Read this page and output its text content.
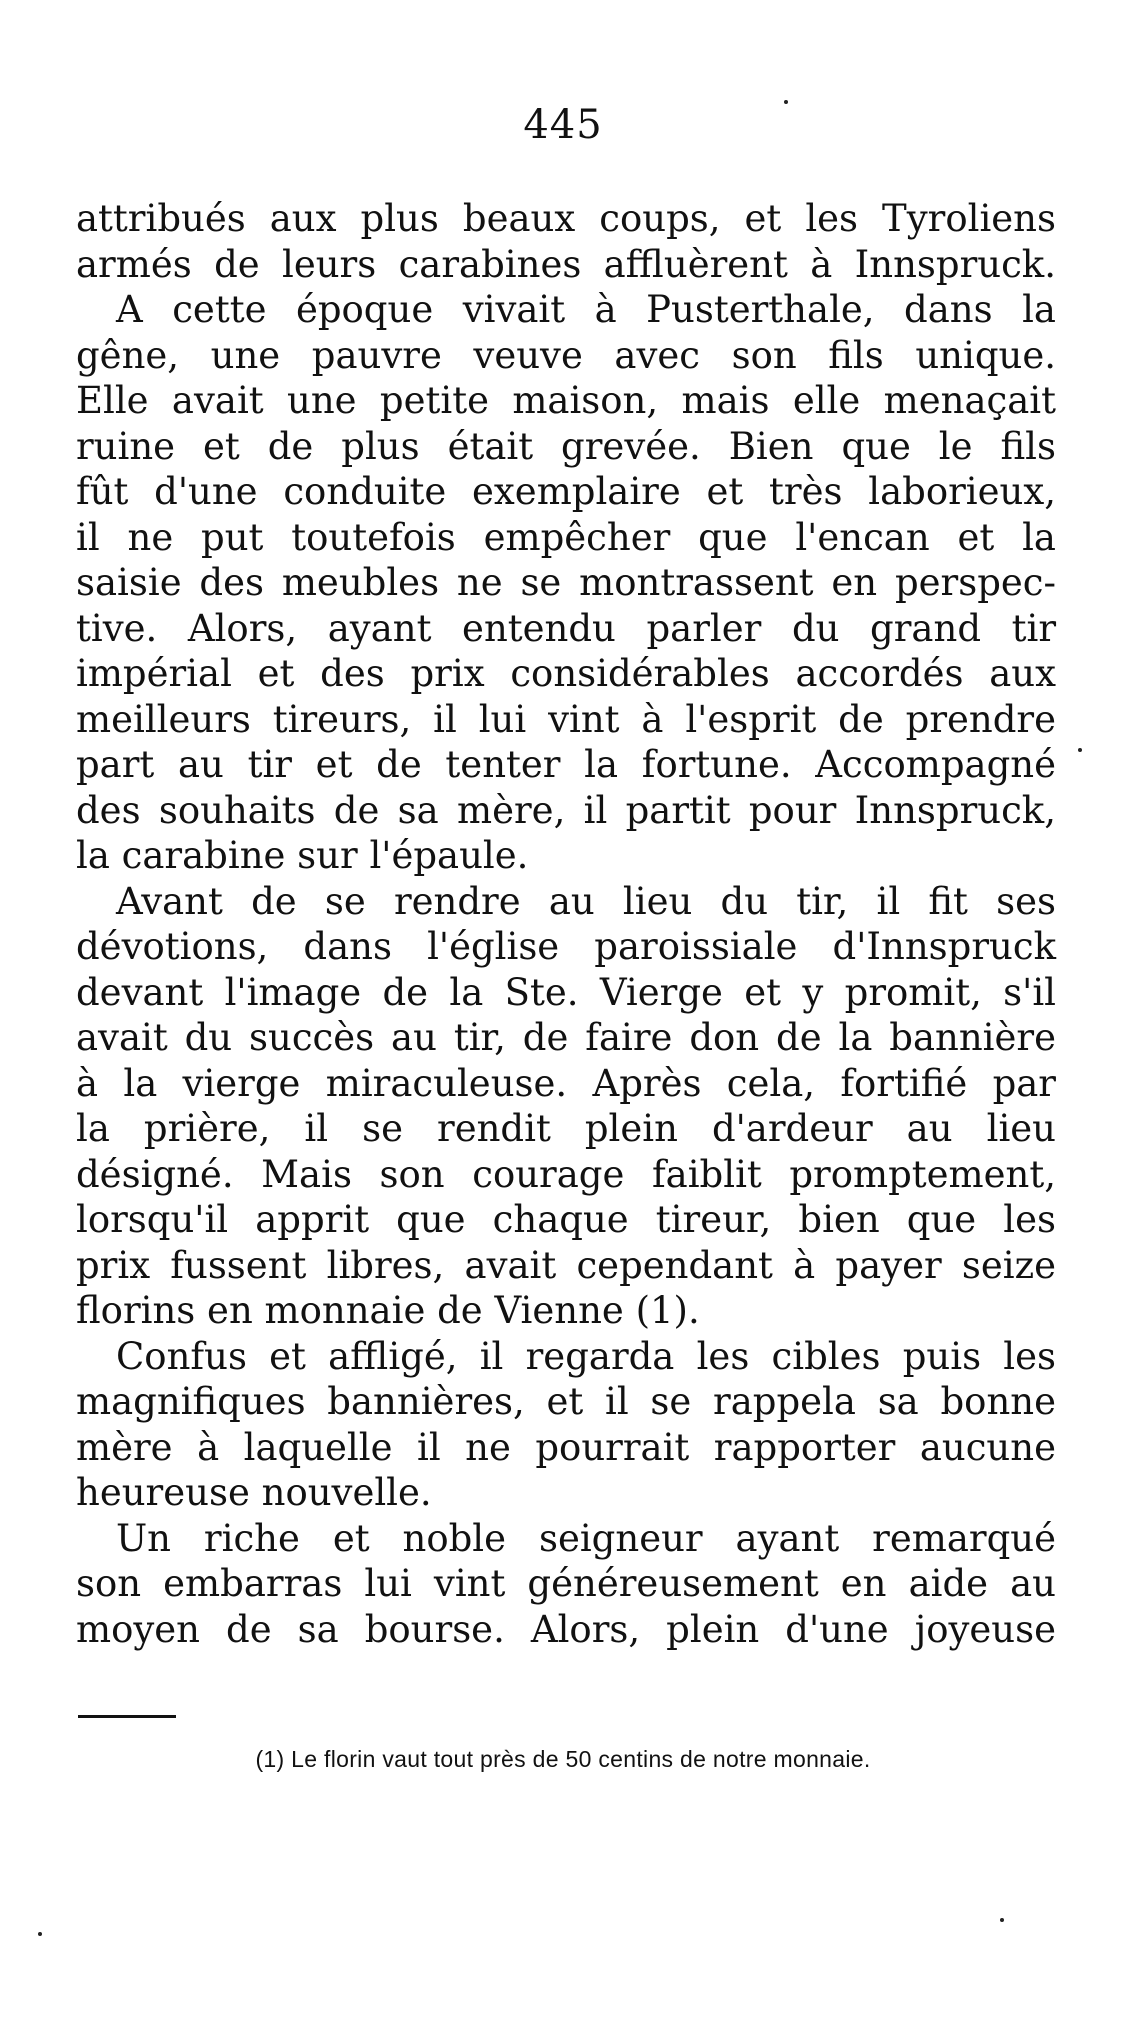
445
attribués aux plus beaux coups, et les Tyroliens
armés de leurs carabines affluèrent à Innspruck.
A cette époque vivait à Pusterthale, dans la
gêne, une pauvre veuve avec son fils unique.
Elle avait une petite maison, mais elle menaçait
ruine et de plus était grevée. Bien que le fils
fût d'une conduite exemplaire et très laborieux,
il ne put toutefois empêcher que l'encan et la
saisie des meubles ne se montrassent en perspec-
tive. Alors, ayant entendu parler du grand tir
impérial et des prix considérables accordés aux
meilleurs tireurs, il lui vint à l'esprit de prendre
part au tir et de tenter la fortune. Accompagné
des souhaits de sa mère, il partit pour Innspruck,
la carabine sur l'épaule.
Avant de se rendre au lieu du tir, il fit ses
dévotions, dans l'église paroissiale d'Innspruck
devant l'image de la Ste. Vierge et y promit, s'il
avait du succès au tir, de faire don de la bannière
à la vierge miraculeuse. Après cela, fortifié par
la prière, il se rendit plein d'ardeur au lieu
désigné. Mais son courage faiblit promptement,
lorsqu'il apprit que chaque tireur, bien que les
prix fussent libres, avait cependant à payer seize
florins en monnaie de Vienne (1).
Confus et affligé, il regarda les cibles puis les
magnifiques bannières, et il se rappela sa bonne
mère à laquelle il ne pourrait rapporter aucune
heureuse nouvelle.
Un riche et noble seigneur ayant remarqué
son embarras lui vint généreusement en aide au
moyen de sa bourse. Alors, plein d'une joyeuse
(1) Le florin vaut tout près de 50 centins de notre monnaie.
